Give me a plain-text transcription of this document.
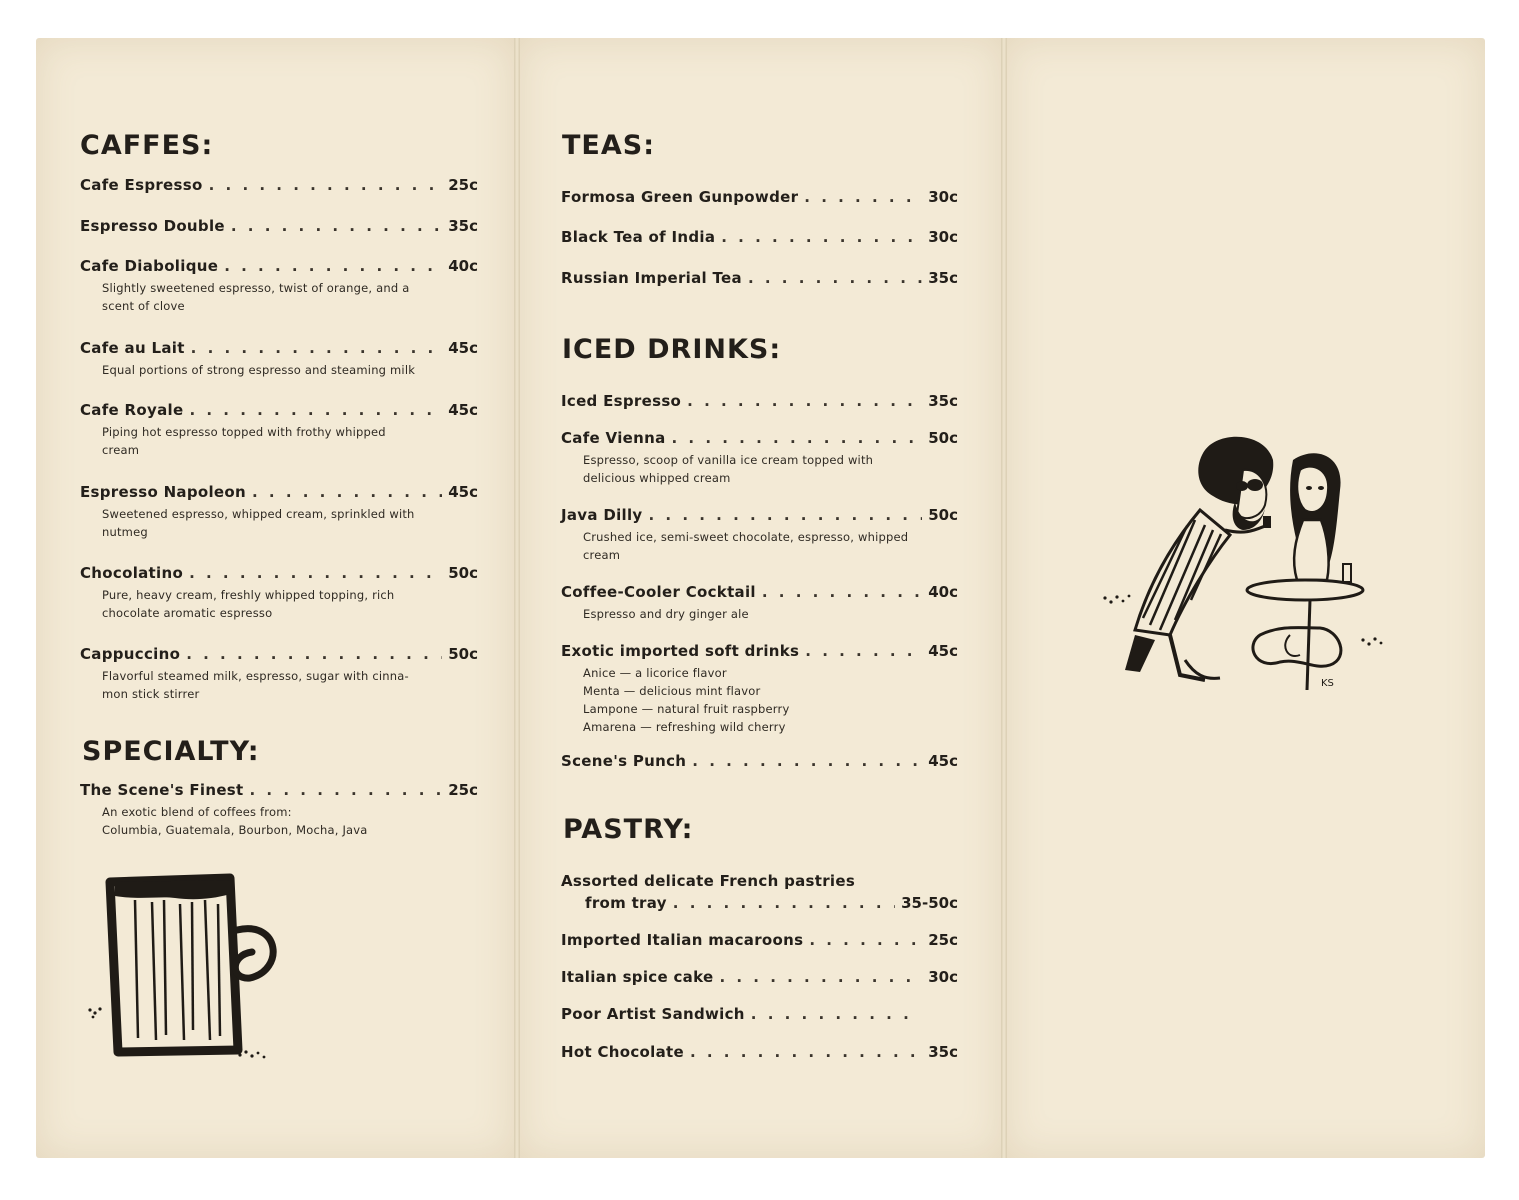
CAFFES:
Cafe Espresso . . .	25c
Espresso Double . . .	35c
Cafe Diabolique . . .	40c
Slightly sweetened espresso, twist of orange, and a
scent of clove
Cafe au Lait . . .	45c
Equal portions of strong espresso and steaming milk
Cafe Royale . . .	45c
Piping hot espresso topped with frothy whipped
cream
Espresso Napoleon . . .	45c
Sweetened espresso, whipped cream, sprinkled with
nutmeg
Chocolatino . . .	50c
Pure, heavy cream, freshly whipped topping, rich
chocolate aromatic espresso
Cappuccino . . .	50c
Flavorful steamed milk, espresso, sugar with cinna-
mon stick stirrer
SPECIALTY:
The Scene's Finest . . .	25c
An exotic blend of coffees from:
Columbia, Guatemala, Bourbon, Mocha, Java
TEAS:
Formosa Green Gunpowder . . .	30c
Black Tea of India . . .	30c
Russian Imperial Tea . . .	35c
ICED DRINKS:
Iced Espresso . . .	35c
Cafe Vienna . . .	50c
Espresso, scoop of vanilla ice cream topped with
delicious whipped cream
Java Dilly . . .	50c
Crushed ice, semi-sweet chocolate, espresso, whipped
cream
Coffee-Cooler Cocktail . . .	40c
Espresso and dry ginger ale
Exotic imported soft drinks . . .	45c
Anice — a licorice flavor
Menta — delicious mint flavor
Lampone — natural fruit raspberry
Amarena — refreshing wild cherry
Scene's Punch . . .	45c
PASTRY:
Assorted delicate French pastries
from tray . . .	35-50c
Imported Italian macaroons . . .	25c
Italian spice cake . . .	30c
Poor Artist Sandwich
. . .
Hot Chocolate . . .	35c
KS
